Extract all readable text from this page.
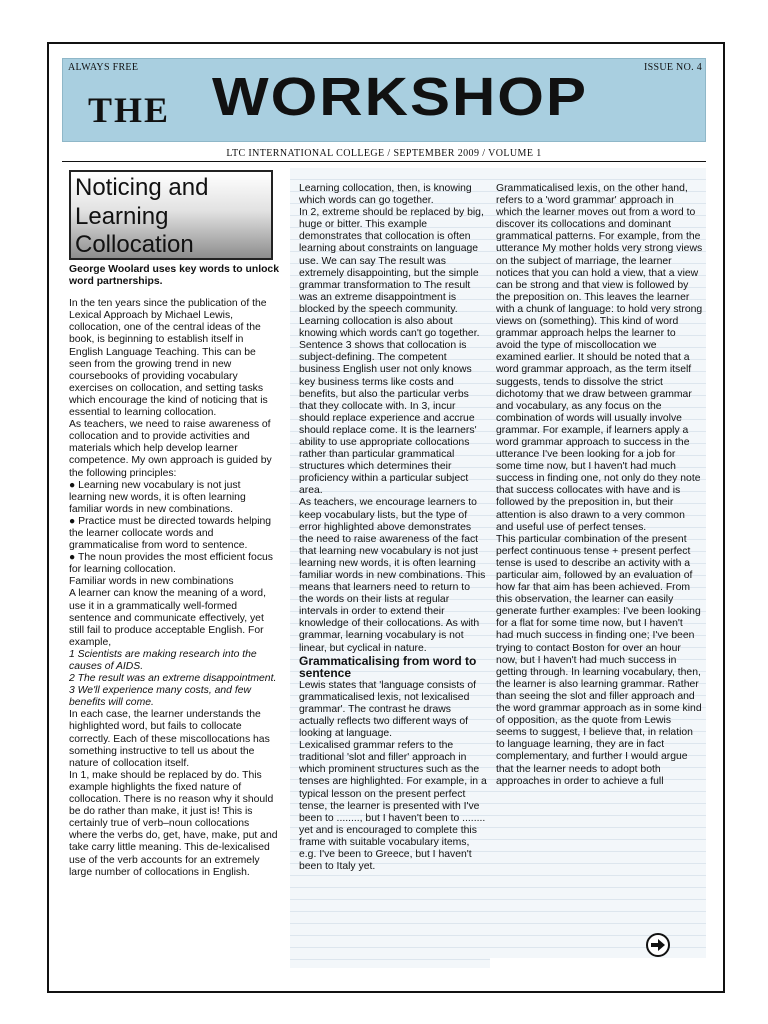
ALWAYS FREE	ISSUE NO. 4
THE WORKSHOP
LTC INTERNATIONAL COLLEGE / SEPTEMBER 2009 / VOLUME 1
Noticing and Learning Collocation

George Woolard uses key words to unlock word partnerships.

In the ten years since the publication of the Lexical Approach by Michael Lewis, collocation, one of the central ideas of the book, is beginning to establish itself in English Language Teaching. This can be seen from the growing trend in new coursebooks of providing vocabulary exercises on collocation, and setting tasks which encourage the kind of noticing that is essential to learning collocation.

As teachers, we need to raise awareness of collocation and to provide activities and materials which help develop learner competence. My own approach is guided by the following principles:

● Learning new vocabulary is not just learning new words, it is often learning familiar words in new combinations.

● Practice must be directed towards helping the learner collocate words and grammaticalise from word to sentence.

● The noun provides the most efficient focus for learning collocation.

Familiar words in new combinations

A learner can know the meaning of a word, use it in a grammatically well-formed sentence and communicate effectively, yet still fail to produce acceptable English. For example,

1 Scientists are making research into the causes of AIDS.

2 The result was an extreme disappointment.

3 We'll experience many costs, and few benefits will come.

In each case, the learner understands the highlighted word, but fails to collocate correctly. Each of these miscollocations has something instructive to tell us about the nature of collocation itself.

In 1, make should be replaced by do. This example highlights the fixed nature of collocation. There is no reason why it should be do rather than make, it just is! This is certainly true of verb–noun collocations where the verbs do, get, have, make, put and take carry little meaning. This de-lexicalised use of the verb accounts for an extremely large number of collocations in English.

Learning collocation, then, is knowing which words can go together.

In 2, extreme should be replaced by big, huge or bitter. This example demonstrates that collocation is often learning about constraints on language use. We can say The result was extremely disappointing, but the simple grammar transformation to The result was an extreme disappointment is blocked by the speech community. Learning collocation is also about knowing which words can't go together.

Sentence 3 shows that collocation is subject-defining. The competent business English user not only knows key business terms like costs and benefits, but also the particular verbs that they collocate with. In 3, incur should replace experience and accrue should replace come. It is the learners' ability to use appropriate collocations rather than particular grammatical structures which determines their proficiency within a particular subject area.

As teachers, we encourage learners to keep vocabulary lists, but the type of error highlighted above demonstrates the need to raise awareness of the fact that learning new vocabulary is not just learning new words, it is often learning familiar words in new combinations. This means that learners need to return to the words on their lists at regular intervals in order to extend their knowledge of their collocations. As with grammar, learning vocabulary is not linear, but cyclical in nature.

Grammaticalising from word to sentence

Lewis states that 'language consists of grammaticalised lexis, not lexicalised grammar'. The contrast he draws actually reflects two different ways of looking at language.

Lexicalised grammar refers to the traditional 'slot and filler' approach in which prominent structures such as the tenses are highlighted. For example, in a typical lesson on the present perfect tense, the learner is presented with I've been to ........, but I haven't been to ........ yet and is encouraged to complete this frame with suitable vocabulary items, e.g. I've been to Greece, but I haven't been to Italy yet.

Grammaticalised lexis, on the other hand, refers to a 'word grammar' approach in which the learner moves out from a word to discover its collocations and dominant grammatical patterns. For example, from the utterance My mother holds very strong views on the subject of marriage, the learner notices that you can hold a view, that a view can be strong and that view is followed by the preposition on. This leaves the learner with a chunk of language: to hold very strong views on (something). This kind of word grammar approach helps the learner to avoid the type of miscollocation we examined earlier. It should be noted that a word grammar approach, as the term itself suggests, tends to dissolve the strict dichotomy that we draw between grammar and vocabulary, as any focus on the combination of words will usually involve grammar. For example, if learners apply a word grammar approach to success in the utterance I've been looking for a job for some time now, but I haven't had much success in finding one, not only do they note that success collocates with have and is followed by the preposition in, but their attention is also drawn to a very common and useful use of perfect tenses.

This particular combination of the present perfect continuous tense + present perfect tense is used to describe an activity with a particular aim, followed by an evaluation of how far that aim has been achieved. From this observation, the learner can easily generate further examples: I've been looking for a flat for some time now, but I haven't had much success in finding one; I've been trying to contact Boston for over an hour now, but I haven't had much success in getting through. In learning vocabulary, then, the learner is also learning grammar. Rather than seeing the slot and filler approach and the word grammar approach as in some kind of opposition, as the quote from Lewis seems to suggest, I believe that, in relation to language learning, they are in fact complementary, and further I would argue that the learner needs to adopt both approaches in order to achieve a full
